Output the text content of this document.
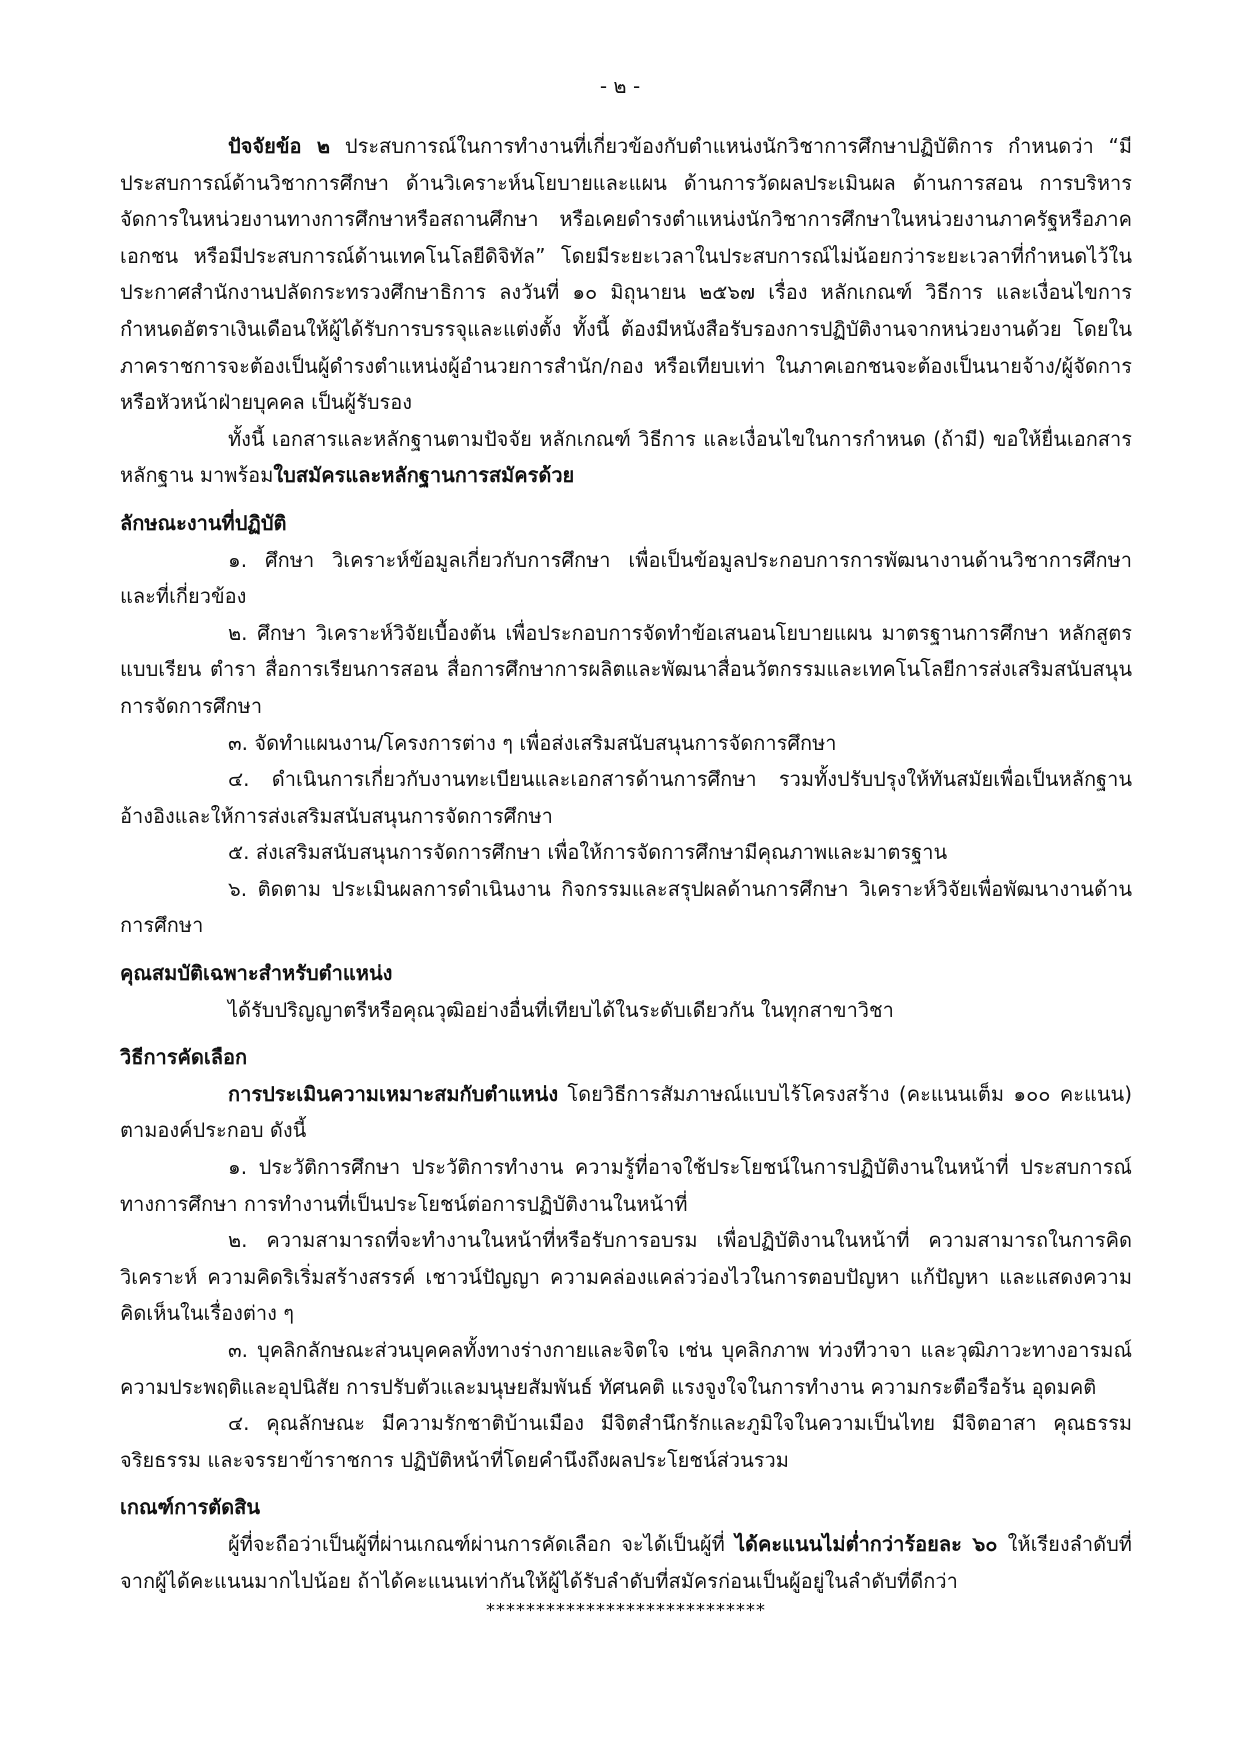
- ๒ -

ปัจจัยข้อ ๒ ประสบการณ์ในการทำงานที่เกี่ยวข้องกับตำแหน่งนักวิชาการศึกษาปฏิบัติการ กำหนดว่า “มีประสบการณ์ด้านวิชาการศึกษา ด้านวิเคราะห์นโยบายและแผน ด้านการวัดผลประเมินผล ด้านการสอน การบริหารจัดการในหน่วยงานทางการศึกษาหรือสถานศึกษา หรือเคยดำรงตำแหน่งนักวิชาการศึกษาในหน่วยงานภาครัฐหรือภาคเอกชน หรือมีประสบการณ์ด้านเทคโนโลยีดิจิทัล” โดยมีระยะเวลาในประสบการณ์ไม่น้อยกว่าระยะเวลาที่กำหนดไว้ในประกาศสำนักงานปลัดกระทรวงศึกษาธิการ ลงวันที่ ๑๐ มิถุนายน ๒๕๖๗ เรื่อง หลักเกณฑ์ วิธีการ และเงื่อนไขการกำหนดอัตราเงินเดือนให้ผู้ได้รับการบรรจุและแต่งตั้ง ทั้งนี้ ต้องมีหนังสือรับรองการปฏิบัติงานจากหน่วยงานด้วย โดยในภาคราชการจะต้องเป็นผู้ดำรงตำแหน่งผู้อำนวยการสำนัก/กอง หรือเทียบเท่า ในภาคเอกชนจะต้องเป็นนายจ้าง/ผู้จัดการ หรือหัวหน้าฝ่ายบุคคล เป็นผู้รับรอง

ทั้งนี้ เอกสารและหลักฐานตามปัจจัย หลักเกณฑ์ วิธีการ และเงื่อนไขในการกำหนด (ถ้ามี) ขอให้ยื่นเอกสารหลักฐาน มาพร้อมใบสมัครและหลักฐานการสมัครด้วย

ลักษณะงานที่ปฏิบัติ

๑. ศึกษา วิเคราะห์ข้อมูลเกี่ยวกับการศึกษา เพื่อเป็นข้อมูลประกอบการการพัฒนางานด้านวิชาการศึกษาและที่เกี่ยวข้อง

๒. ศึกษา วิเคราะห์วิจัยเบื้องต้น เพื่อประกอบการจัดทำข้อเสนอนโยบายแผน มาตรฐานการศึกษา หลักสูตรแบบเรียน ตำรา สื่อการเรียนการสอน สื่อการศึกษาการผลิตและพัฒนาสื่อนวัตกรรมและเทคโนโลยีการส่งเสริมสนับสนุนการจัดการศึกษา

๓. จัดทำแผนงาน/โครงการต่าง ๆ เพื่อส่งเสริมสนับสนุนการจัดการศึกษา

๔. ดำเนินการเกี่ยวกับงานทะเบียนและเอกสารด้านการศึกษา รวมทั้งปรับปรุงให้ทันสมัยเพื่อเป็นหลักฐานอ้างอิงและให้การส่งเสริมสนับสนุนการจัดการศึกษา

๕. ส่งเสริมสนับสนุนการจัดการศึกษา เพื่อให้การจัดการศึกษามีคุณภาพและมาตรฐาน

๖. ติดตาม ประเมินผลการดำเนินงาน กิจกรรมและสรุปผลด้านการศึกษา วิเคราะห์วิจัยเพื่อพัฒนางานด้านการศึกษา

คุณสมบัติเฉพาะสำหรับตำแหน่ง

ได้รับปริญญาตรีหรือคุณวุฒิอย่างอื่นที่เทียบได้ในระดับเดียวกัน ในทุกสาขาวิชา

วิธีการคัดเลือก

การประเมินความเหมาะสมกับตำแหน่ง โดยวิธีการสัมภาษณ์แบบไร้โครงสร้าง (คะแนนเต็ม ๑๐๐ คะแนน) ตามองค์ประกอบ ดังนี้

๑. ประวัติการศึกษา ประวัติการทำงาน ความรู้ที่อาจใช้ประโยชน์ในการปฏิบัติงานในหน้าที่ ประสบการณ์ทางการศึกษา การทำงานที่เป็นประโยชน์ต่อการปฏิบัติงานในหน้าที่

๒. ความสามารถที่จะทำงานในหน้าที่หรือรับการอบรม เพื่อปฏิบัติงานในหน้าที่ ความสามารถในการคิดวิเคราะห์ ความคิดริเริ่มสร้างสรรค์ เชาวน์ปัญญา ความคล่องแคล่วว่องไวในการตอบปัญหา แก้ปัญหา และแสดงความคิดเห็นในเรื่องต่าง ๆ

๓. บุคลิกลักษณะส่วนบุคคลทั้งทางร่างกายและจิตใจ เช่น บุคลิกภาพ ท่วงทีวาจา และวุฒิภาวะทางอารมณ์ ความประพฤติและอุปนิสัย การปรับตัวและมนุษยสัมพันธ์ ทัศนคติ แรงจูงใจในการทำงาน ความกระตือรือร้น อุดมคติ

๔. คุณลักษณะ มีความรักชาติบ้านเมือง มีจิตสำนึกรักและภูมิใจในความเป็นไทย มีจิตอาสา คุณธรรม จริยธรรม และจรรยาข้าราชการ ปฏิบัติหน้าที่โดยคำนึงถึงผลประโยชน์ส่วนรวม

เกณฑ์การตัดสิน

ผู้ที่จะถือว่าเป็นผู้ที่ผ่านเกณฑ์ผ่านการคัดเลือก จะได้เป็นผู้ที่ ได้คะแนนไม่ต่ำกว่าร้อยละ ๖๐ ให้เรียงลำดับที่จากผู้ได้คะแนนมากไปน้อย ถ้าได้คะแนนเท่ากันให้ผู้ได้รับลำดับที่สมัครก่อนเป็นผู้อยู่ในลำดับที่ดีกว่า

****************************
